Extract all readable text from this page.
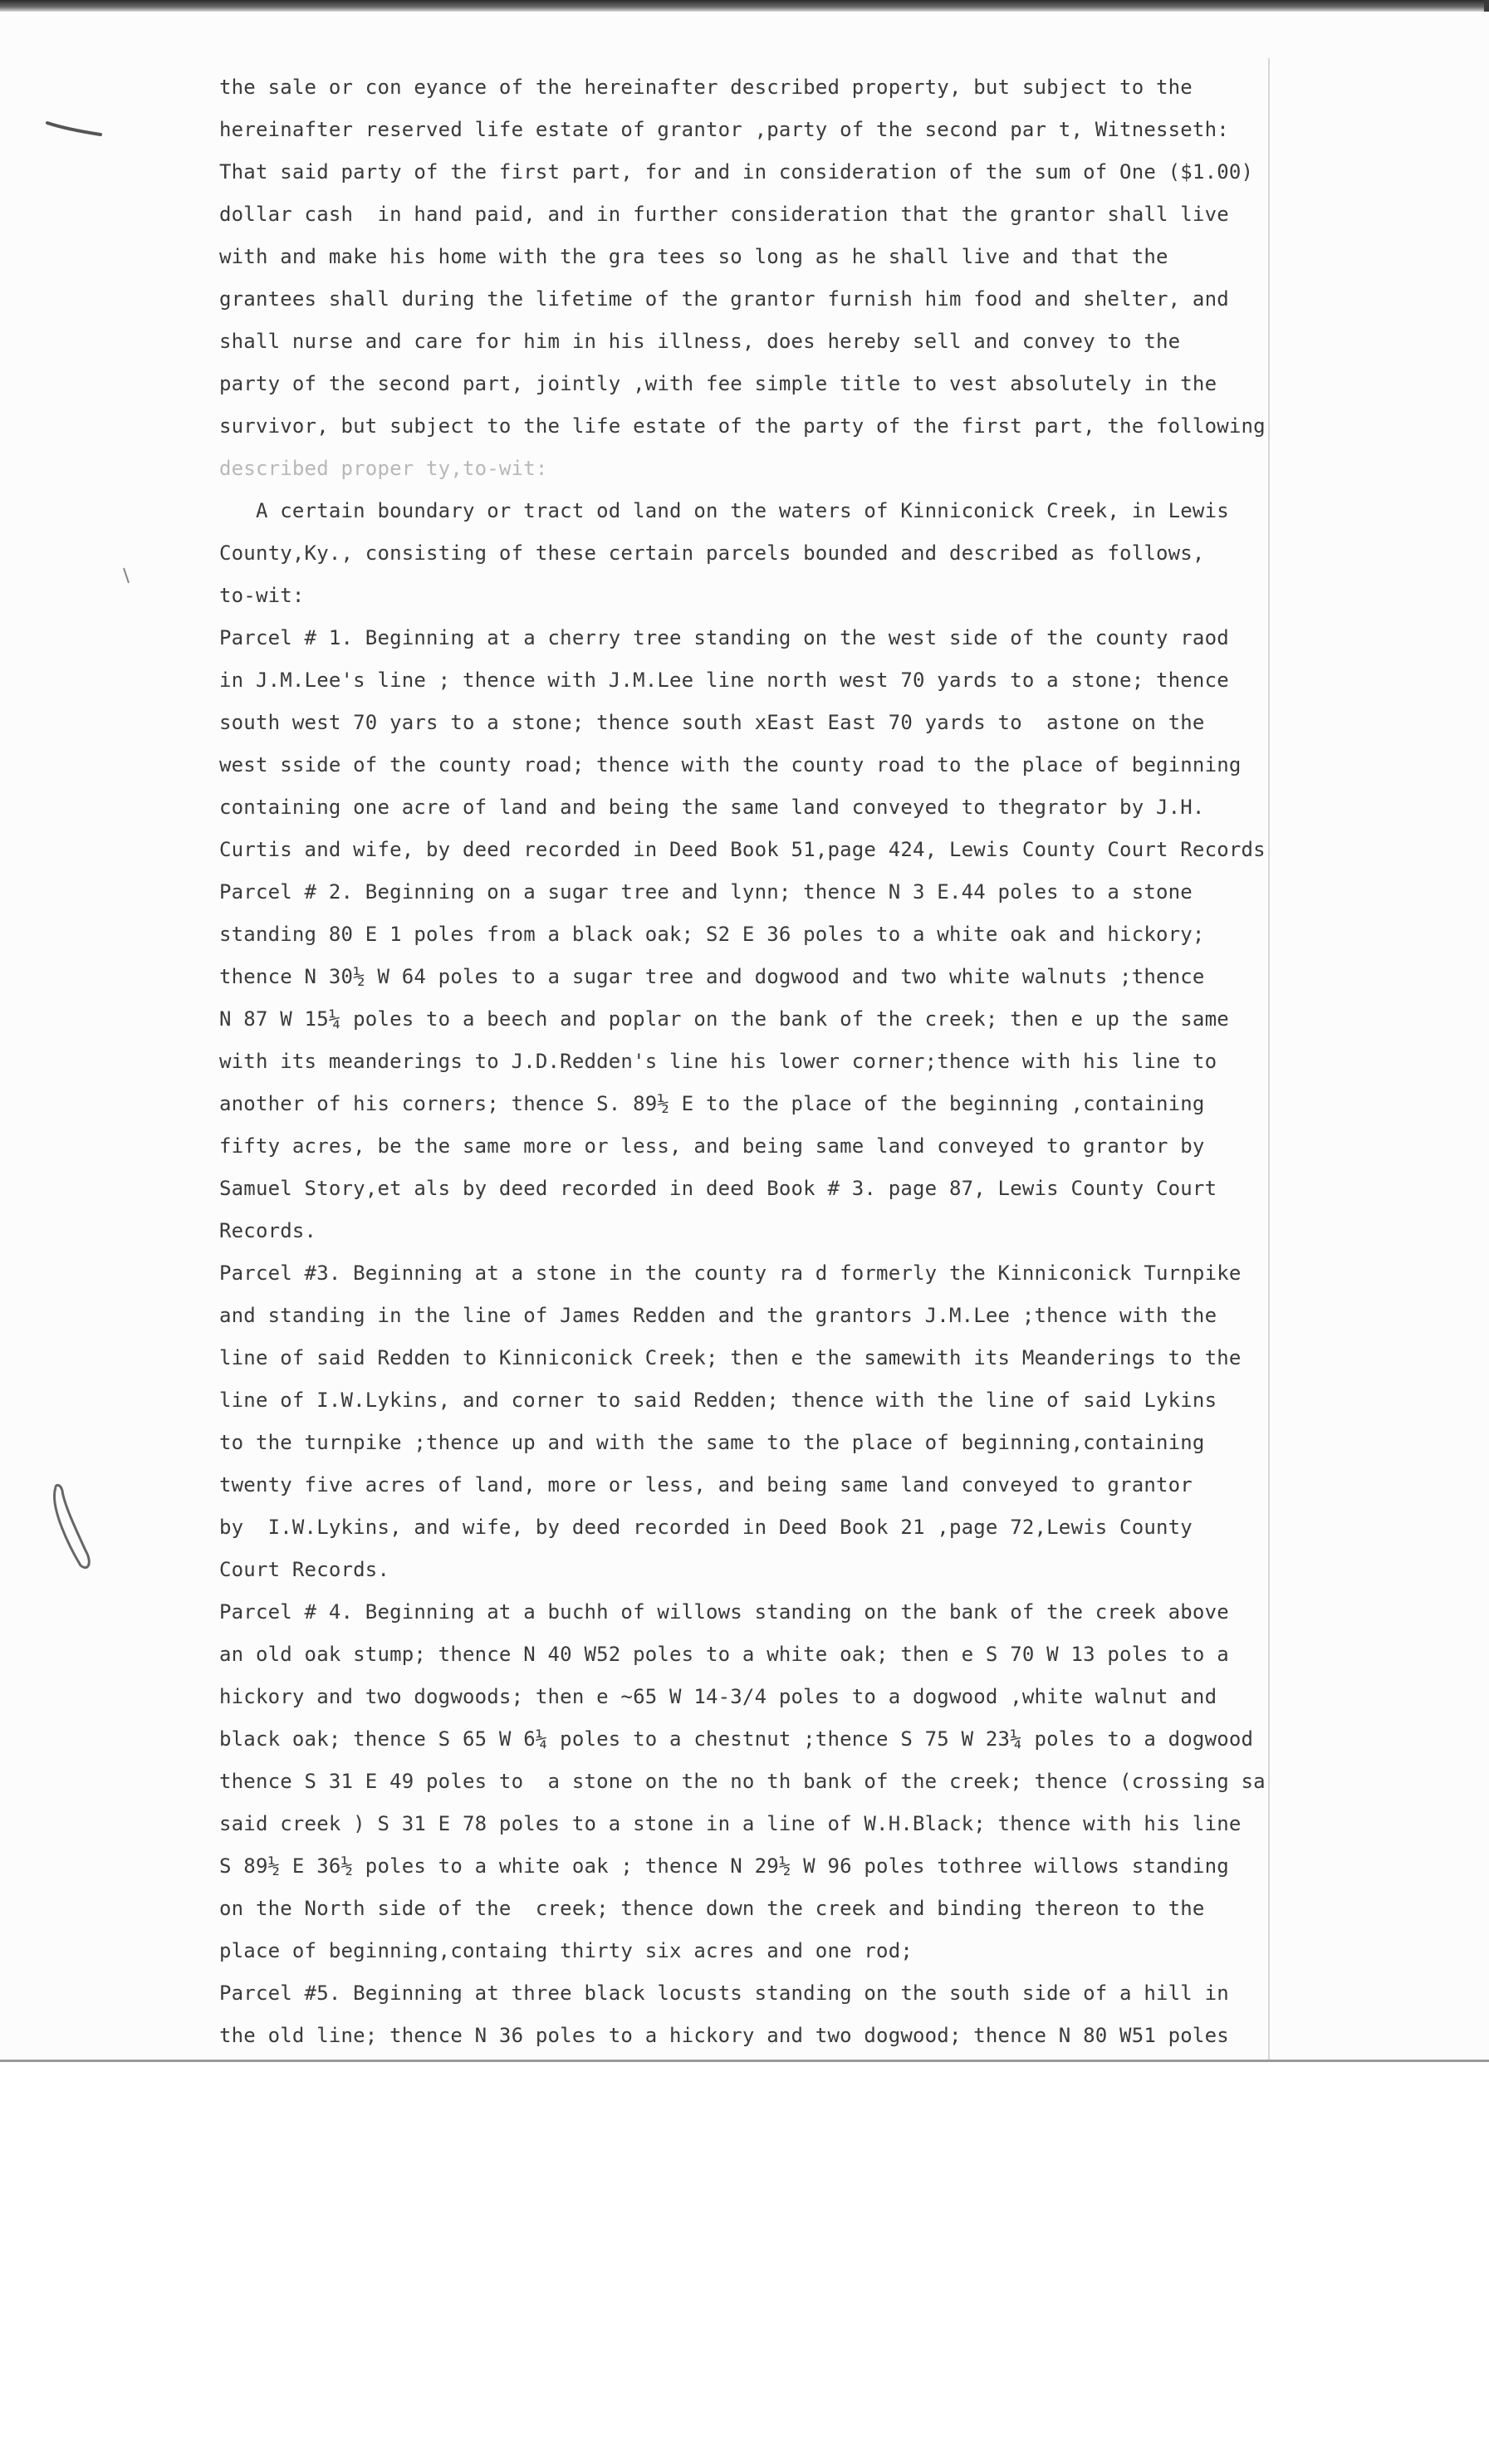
the sale or con eyance of the hereinafter described property, but subject to the
hereinafter reserved life estate of grantor ,party of the second par t, Witnesseth:
That said party of the first part, for and in consideration of the sum of One ($1.00)
dollar cash  in hand paid, and in further consideration that the grantor shall live
with and make his home with the gra tees so long as he shall live and that the
grantees shall during the lifetime of the grantor furnish him food and shelter, and
shall nurse and care for him in his illness, does hereby sell and convey to the
party of the second part, jointly ,with fee simple title to vest absolutely in the
survivor, but subject to the life estate of the party of the first part, the following
described proper ty,to-wit:
A certain boundary or tract od land on the waters of Kinniconick Creek, in Lewis
County,Ky., consisting of these certain parcels bounded and described as follows,
to-wit:
Parcel # 1. Beginning at a cherry tree standing on the west side of the county raod
in J.M.Lee's line ; thence with J.M.Lee line north west 70 yards to a stone; thence
south west 70 yars to a stone; thence south xEast East 70 yards to  astone on the
west sside of the county road; thence with the county road to the place of beginning
containing one acre of land and being the same land conveyed to thegrator by J.H.
Curtis and wife, by deed recorded in Deed Book 51,page 424, Lewis County Court Records
Parcel # 2. Beginning on a sugar tree and lynn; thence N 3 E.44 poles to a stone
standing 80 E 1 poles from a black oak; S2 E 36 poles to a white oak and hickory;
thence N 30½ W 64 poles to a sugar tree and dogwood and two white walnuts ;thence
N 87 W 15¼ poles to a beech and poplar on the bank of the creek; then e up the same
with its meanderings to J.D.Redden's line his lower corner;thence with his line to
another of his corners; thence S. 89½ E to the place of the beginning ,containing
fifty acres, be the same more or less, and being same land conveyed to grantor by
Samuel Story,et als by deed recorded in deed Book # 3. page 87, Lewis County Court
Records.
Parcel #3. Beginning at a stone in the county ra d formerly the Kinniconick Turnpike
and standing in the line of James Redden and the grantors J.M.Lee ;thence with the
line of said Redden to Kinniconick Creek; then e the samewith its Meanderings to the
line of I.W.Lykins, and corner to said Redden; thence with the line of said Lykins
to the turnpike ;thence up and with the same to the place of beginning,containing
twenty five acres of land, more or less, and being same land conveyed to grantor
by  I.W.Lykins, and wife, by deed recorded in Deed Book 21 ,page 72,Lewis County
Court Records.
Parcel # 4. Beginning at a buchh of willows standing on the bank of the creek above
an old oak stump; thence N 40 W52 poles to a white oak; then e S 70 W 13 poles to a
hickory and two dogwoods; then e ~65 W 14-3/4 poles to a dogwood ,white walnut and
black oak; thence S 65 W 6¼ poles to a chestnut ;thence S 75 W 23¼ poles to a dogwood
thence S 31 E 49 poles to  a stone on the no th bank of the creek; thence (crossing sa
said creek ) S 31 E 78 poles to a stone in a line of W.H.Black; thence with his line
S 89½ E 36½ poles to a white oak ; thence N 29½ W 96 poles tothree willows standing
on the North side of the  creek; thence down the creek and binding thereon to the
place of beginning,containg thirty six acres and one rod;
Parcel #5. Beginning at three black locusts standing on the south side of a hill in
the old line; thence N 36 poles to a hickory and two dogwood; thence N 80 W51 poles
